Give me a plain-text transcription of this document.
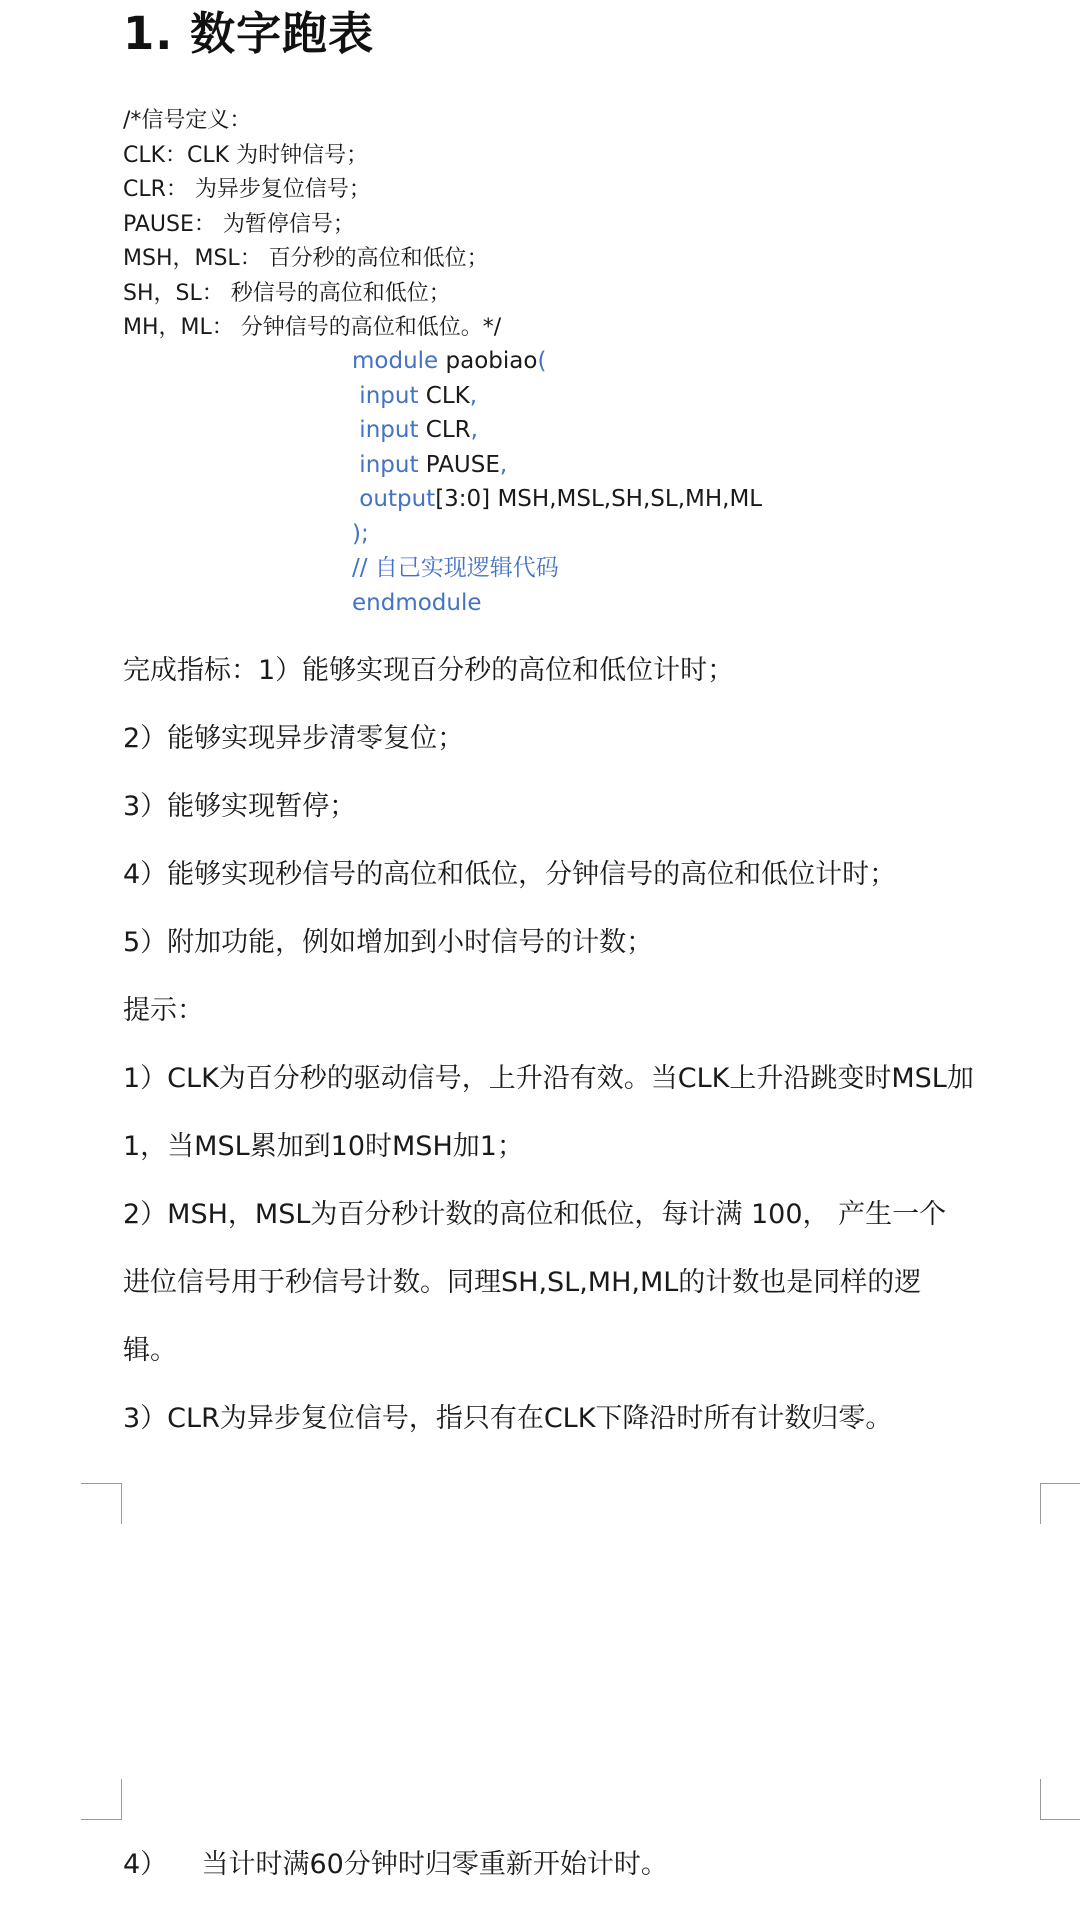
1. 数字跑表
/*信号定义：
CLK：CLK 为时钟信号；
CLR： 为异步复位信号；
PAUSE： 为暂停信号；
MSH，MSL： 百分秒的高位和低位；
SH，SL： 秒信号的高位和低位；
MH，ML： 分钟信号的高位和低位。*/
module paobiao(
input CLK,
input CLR,
input PAUSE,
output[3:0] MSH,MSL,SH,SL,MH,ML
);
// 自己实现逻辑代码
endmodule
完成指标：1）能够实现百分秒的高位和低位计时；
2）能够实现异步清零复位；
3）能够实现暂停；
4）能够实现秒信号的高位和低位，分钟信号的高位和低位计时；
5）附加功能，例如增加到小时信号的计数；
提示：
1）CLK为百分秒的驱动信号，上升沿有效。当CLK上升沿跳变时MSL加
1，当MSL累加到10时MSH加1；
2）MSH，MSL为百分秒计数的高位和低位，每计满 100， 产生一个
进位信号用于秒信号计数。同理SH,SL,MH,ML的计数也是同样的逻
辑。
3）CLR为异步复位信号，指只有在CLK下降沿时所有计数归零。
4）    当计时满60分钟时归零重新开始计时。
